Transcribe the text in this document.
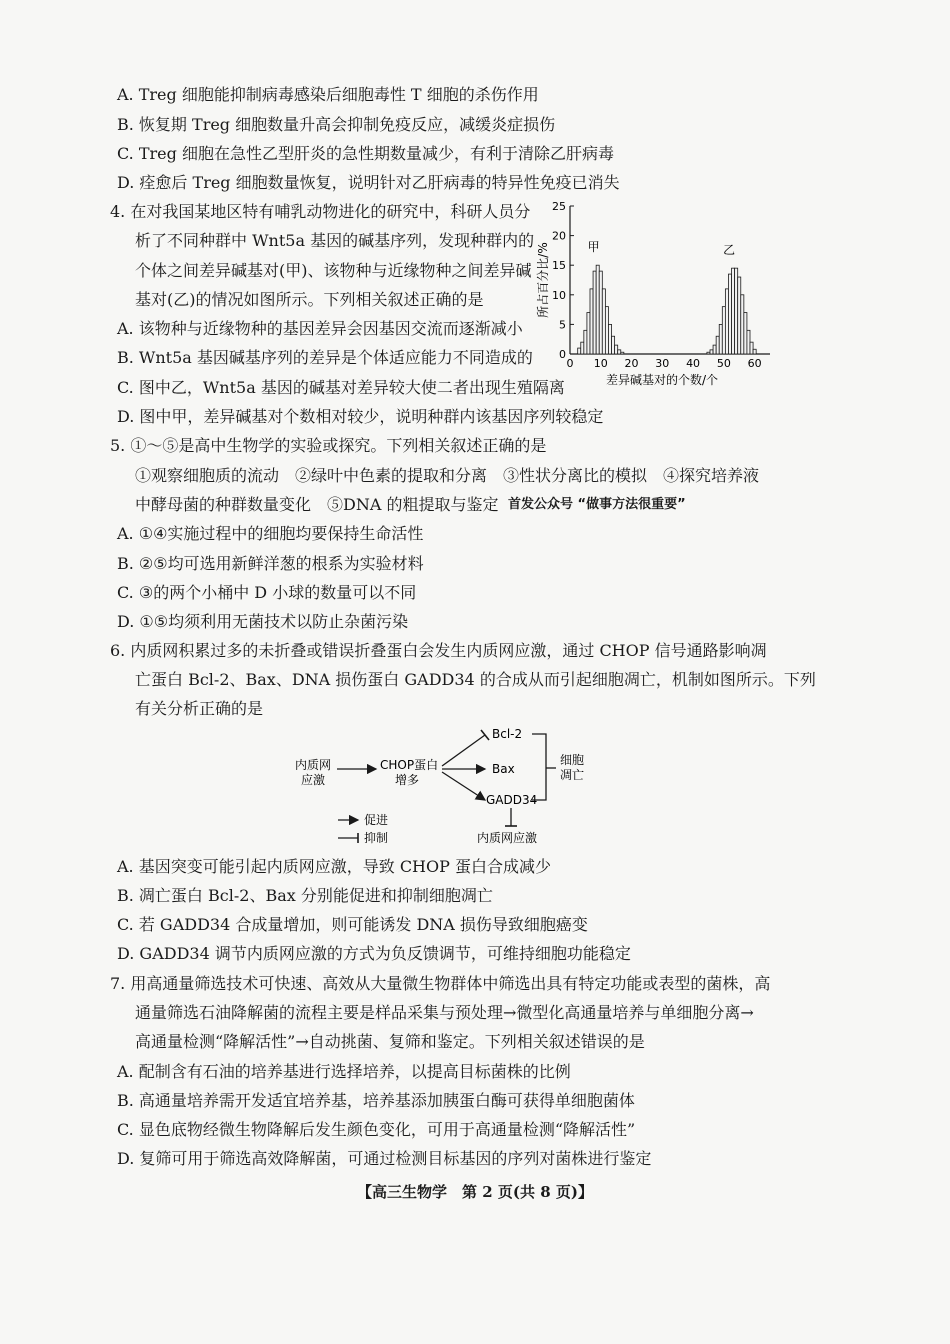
A. Treg 细胞能抑制病毒感染后细胞毒性 T 细胞的杀伤作用
B. 恢复期 Treg 细胞数量升高会抑制免疫反应，减缓炎症损伤
C. Treg 细胞在急性乙型肝炎的急性期数量减少，有利于清除乙肝病毒
D. 痊愈后 Treg 细胞数量恢复，说明针对乙肝病毒的特异性免疫已消失
4. 在对我国某地区特有哺乳动物进化的研究中，科研人员分
析了不同种群中 Wnt5a 基因的碱基序列，发现种群内的
个体之间差异碱基对(甲)、该物种与近缘物种之间差异碱
基对(乙)的情况如图所示。下列相关叙述正确的是
A. 该物种与近缘物种的基因差异会因基因交流而逐渐减小
B. Wnt5a 基因碱基序列的差异是个体适应能力不同造成的
C. 图中乙，Wnt5a 基因的碱基对差异较大使二者出现生殖隔离
D. 图中甲，差异碱基对个数相对较少，说明种群内该基因序列较稳定
0
5
10
15
20
25
0 10 20 30 40 50 60
甲	乙
差异碱基对的个数/个
所占百分比/%
5. ①～⑤是高中生物学的实验或探究。下列相关叙述正确的是
①观察细胞质的流动　②绿叶中色素的提取和分离　③性状分离比的模拟　④探究培养液
中酵母菌的种群数量变化　⑤DNA 的粗提取与鉴定 首发公众号 “做事方法很重要”
A. ①④实施过程中的细胞均要保持生命活性
B. ②⑤均可选用新鲜洋葱的根系为实验材料
C. ③的两个小桶中 D 小球的数量可以不同
D. ①⑤均须利用无菌技术以防止杂菌污染
6. 内质网积累过多的未折叠或错误折叠蛋白会发生内质网应激，通过 CHOP 信号通路影响凋
亡蛋白 Bcl-2、Bax、DNA 损伤蛋白 GADD34 的合成从而引起细胞凋亡，机制如图所示。下列
有关分析正确的是
内质网
应激
CHOP蛋白
增多
Bcl-2
Bax
GADD34
细胞
凋亡
内质网应激
促进
抑制
A. 基因突变可能引起内质网应激，导致 CHOP 蛋白合成减少
B. 凋亡蛋白 Bcl-2、Bax 分别能促进和抑制细胞凋亡
C. 若 GADD34 合成量增加，则可能诱发 DNA 损伤导致细胞癌变
D. GADD34 调节内质网应激的方式为负反馈调节，可维持细胞功能稳定
7. 用高通量筛选技术可快速、高效从大量微生物群体中筛选出具有特定功能或表型的菌株，高
通量筛选石油降解菌的流程主要是样品采集与预处理→微型化高通量培养与单细胞分离→
高通量检测“降解活性”→自动挑菌、复筛和鉴定。下列相关叙述错误的是
A. 配制含有石油的培养基进行选择培养，以提高目标菌株的比例
B. 高通量培养需开发适宜培养基，培养基添加胰蛋白酶可获得单细胞菌体
C. 显色底物经微生物降解后发生颜色变化，可用于高通量检测“降解活性”
D. 复筛可用于筛选高效降解菌，可通过检测目标基因的序列对菌株进行鉴定
【高三生物学　第 2 页(共 8 页)】
